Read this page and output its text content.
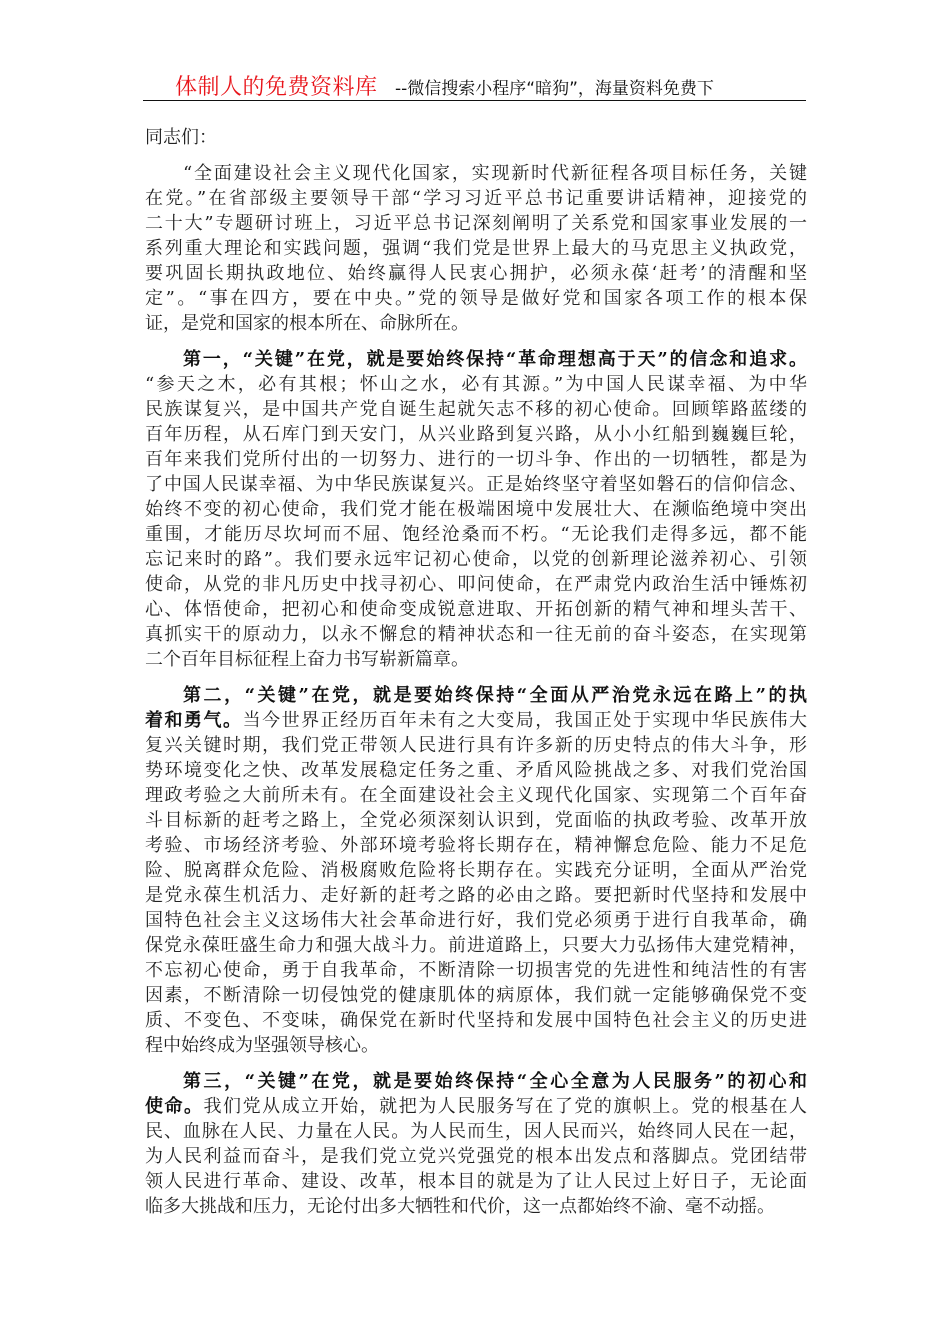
体制人的免费资料库 --微信搜索小程序“暗狗”，海量资料免费下
同志们：
“全面建设社会主义现代化国家，实现新时代新征程各项目标任务，关键
在党。”在省部级主要领导干部“学习习近平总书记重要讲话精神，迎接党的
二十大”专题研讨班上，习近平总书记深刻阐明了关系党和国家事业发展的一
系列重大理论和实践问题，强调“我们党是世界上最大的马克思主义执政党，
要巩固长期执政地位、始终赢得人民衷心拥护，必须永葆‘赶考’的清醒和坚
定”。“事在四方，要在中央。”党的领导是做好党和国家各项工作的根本保
证，是党和国家的根本所在、命脉所在。
第一，“关键”在党，就是要始终保持“革命理想高于天”的信念和追求。
“参天之木，必有其根；怀山之水，必有其源。”为中国人民谋幸福、为中华
民族谋复兴，是中国共产党自诞生起就矢志不移的初心使命。回顾筚路蓝缕的
百年历程，从石库门到天安门，从兴业路到复兴路，从小小红船到巍巍巨轮，
百年来我们党所付出的一切努力、进行的一切斗争、作出的一切牺牲，都是为
了中国人民谋幸福、为中华民族谋复兴。正是始终坚守着坚如磐石的信仰信念、
始终不变的初心使命，我们党才能在极端困境中发展壮大、在濒临绝境中突出
重围，才能历尽坎坷而不屈、饱经沧桑而不朽。“无论我们走得多远，都不能
忘记来时的路”。我们要永远牢记初心使命，以党的创新理论滋养初心、引领
使命，从党的非凡历史中找寻初心、叩问使命，在严肃党内政治生活中锤炼初
心、体悟使命，把初心和使命变成锐意进取、开拓创新的精气神和埋头苦干、
真抓实干的原动力，以永不懈怠的精神状态和一往无前的奋斗姿态，在实现第
二个百年目标征程上奋力书写崭新篇章。
第二，“关键”在党，就是要始终保持“全面从严治党永远在路上”的执
着和勇气。当今世界正经历百年未有之大变局，我国正处于实现中华民族伟大
复兴关键时期，我们党正带领人民进行具有许多新的历史特点的伟大斗争，形
势环境变化之快、改革发展稳定任务之重、矛盾风险挑战之多、对我们党治国
理政考验之大前所未有。在全面建设社会主义现代化国家、实现第二个百年奋
斗目标新的赶考之路上，全党必须深刻认识到，党面临的执政考验、改革开放
考验、市场经济考验、外部环境考验将长期存在，精神懈怠危险、能力不足危
险、脱离群众危险、消极腐败危险将长期存在。实践充分证明，全面从严治党
是党永葆生机活力、走好新的赶考之路的必由之路。要把新时代坚持和发展中
国特色社会主义这场伟大社会革命进行好，我们党必须勇于进行自我革命，确
保党永葆旺盛生命力和强大战斗力。前进道路上，只要大力弘扬伟大建党精神，
不忘初心使命，勇于自我革命，不断清除一切损害党的先进性和纯洁性的有害
因素，不断清除一切侵蚀党的健康肌体的病原体，我们就一定能够确保党不变
质、不变色、不变味，确保党在新时代坚持和发展中国特色社会主义的历史进
程中始终成为坚强领导核心。
第三，“关键”在党，就是要始终保持“全心全意为人民服务”的初心和
使命。我们党从成立开始，就把为人民服务写在了党的旗帜上。党的根基在人
民、血脉在人民、力量在人民。为人民而生，因人民而兴，始终同人民在一起，
为人民利益而奋斗，是我们党立党兴党强党的根本出发点和落脚点。党团结带
领人民进行革命、建设、改革，根本目的就是为了让人民过上好日子，无论面
临多大挑战和压力，无论付出多大牺牲和代价，这一点都始终不渝、毫不动摇。
